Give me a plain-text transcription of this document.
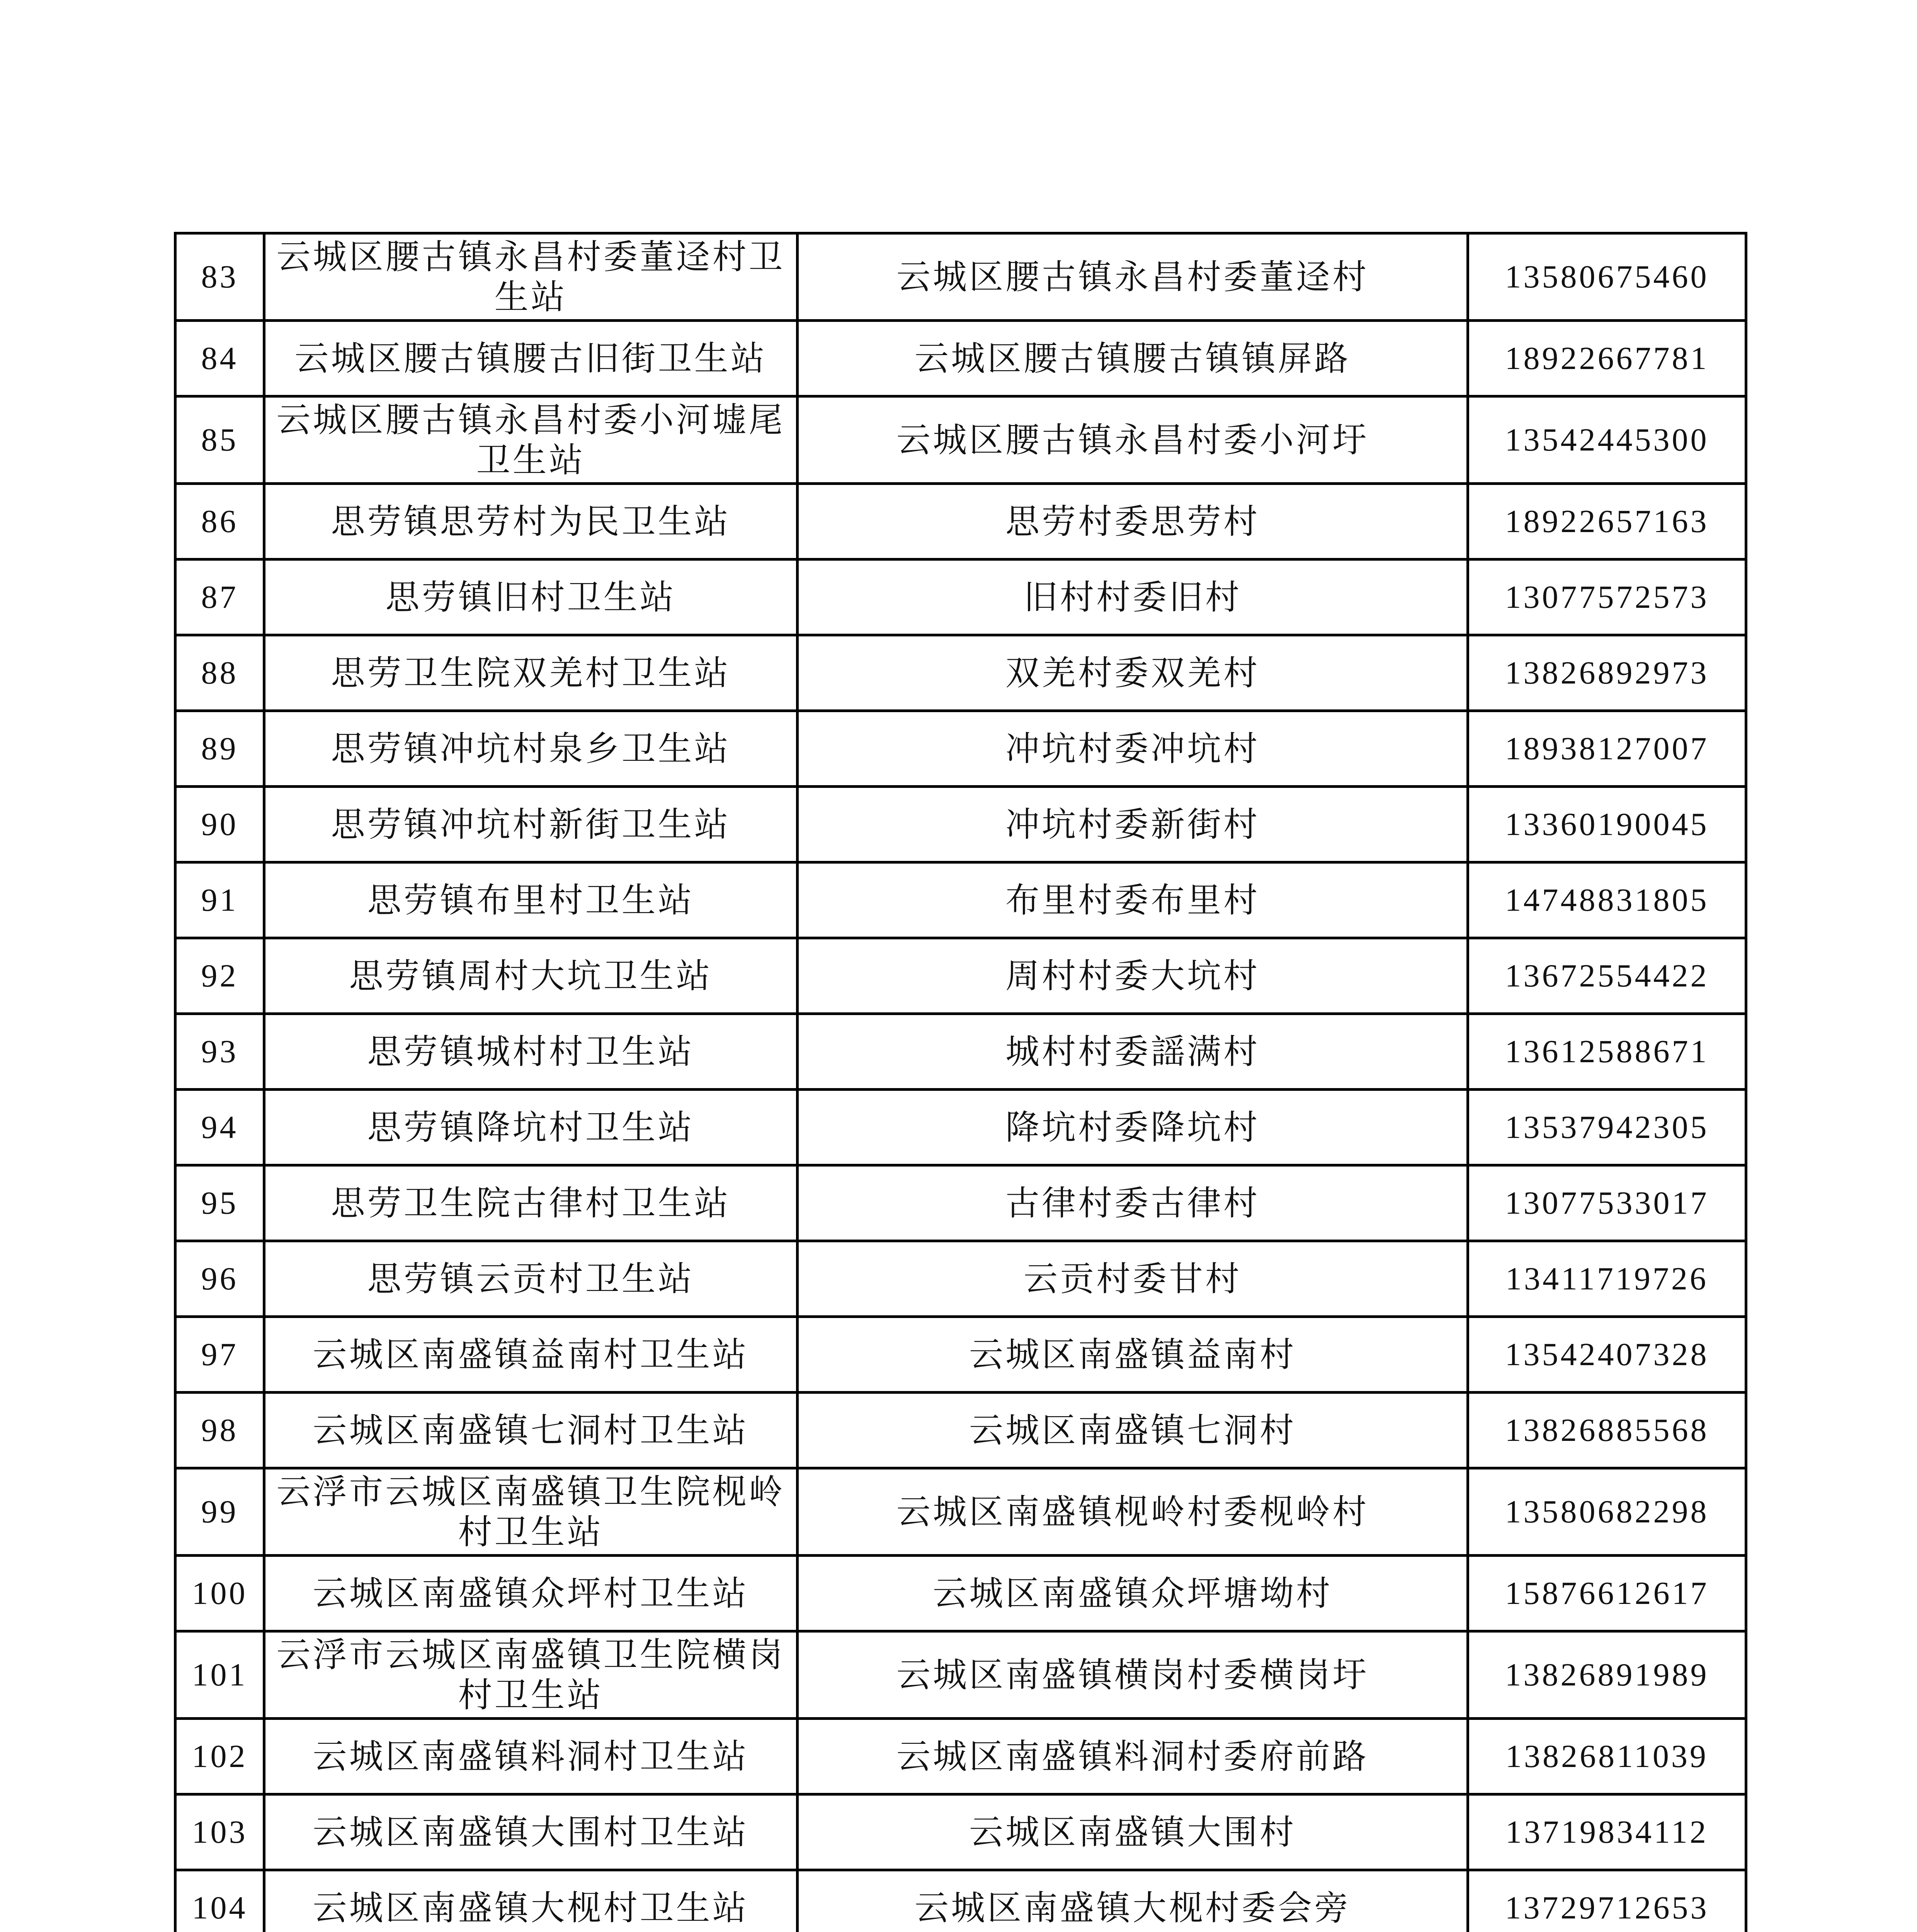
83	云城区腰古镇永昌村委董迳村卫生站	云城区腰古镇永昌村委董迳村	13580675460
84	云城区腰古镇腰古旧街卫生站	云城区腰古镇腰古镇镇屏路	18922667781
85	云城区腰古镇永昌村委小河墟尾卫生站	云城区腰古镇永昌村委小河圩	13542445300
86	思劳镇思劳村为民卫生站	思劳村委思劳村	18922657163
87	思劳镇旧村卫生站	旧村村委旧村	13077572573
88	思劳卫生院双羌村卫生站	双羌村委双羌村	13826892973
89	思劳镇冲坑村泉乡卫生站	冲坑村委冲坑村	18938127007
90	思劳镇冲坑村新街卫生站	冲坑村委新街村	13360190045
91	思劳镇布里村卫生站	布里村委布里村	14748831805
92	思劳镇周村大坑卫生站	周村村委大坑村	13672554422
93	思劳镇城村村卫生站	城村村委謡满村	13612588671
94	思劳镇降坑村卫生站	降坑村委降坑村	13537942305
95	思劳卫生院古律村卫生站	古律村委古律村	13077533017
96	思劳镇云贡村卫生站	云贡村委甘村	13411719726
97	云城区南盛镇益南村卫生站	云城区南盛镇益南村	13542407328
98	云城区南盛镇七洞村卫生站	云城区南盛镇七洞村	13826885568
99	云浮市云城区南盛镇卫生院枧岭村卫生站	云城区南盛镇枧岭村委枧岭村	13580682298
100	云城区南盛镇众坪村卫生站	云城区南盛镇众坪塘坳村	15876612617
101	云浮市云城区南盛镇卫生院横岗村卫生站	云城区南盛镇横岗村委横岗圩	13826891989
102	云城区南盛镇料洞村卫生站	云城区南盛镇料洞村委府前路	13826811039
103	云城区南盛镇大围村卫生站	云城区南盛镇大围村	13719834112
104	云城区南盛镇大枧村卫生站	云城区南盛镇大枧村委会旁	13729712653
